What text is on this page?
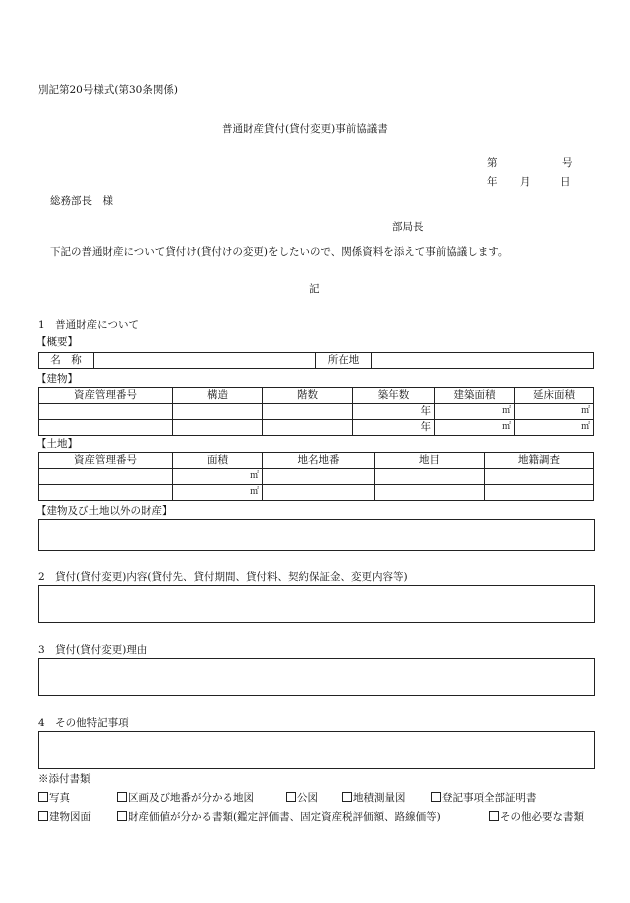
別記第20号様式(第30条関係)
普通財産貸付(貸付変更)事前協議書
第	号
年 月	日
総務部長　様
部局長
下記の普通財産について貸付け(貸付けの変更)をしたいので、関係資料を添えて事前協議します。
記
1　普通財産について
【概要】
名　称		所在地	
【建物】
資産管理番号	構造	階数	築年数	建築面積	延床面積
			年	㎡	㎡
			年	㎡	㎡
【土地】
資産管理番号	面積	地名地番	地目	地籍調査
	㎡			
	㎡			
【建物及び土地以外の財産】
2　貸付(貸付変更)内容(貸付先、貸付期間、貸付料、契約保証金、変更内容等)
3　貸付(貸付変更)理由
4　その他特記事項
※添付書類
写真	区画及び地番が分かる地図	公図	地積測量図	登記事項全部証明書
建物図面	財産価値が分かる書類(鑑定評価書、固定資産税評価額、路線価等)	その他必要な書類
